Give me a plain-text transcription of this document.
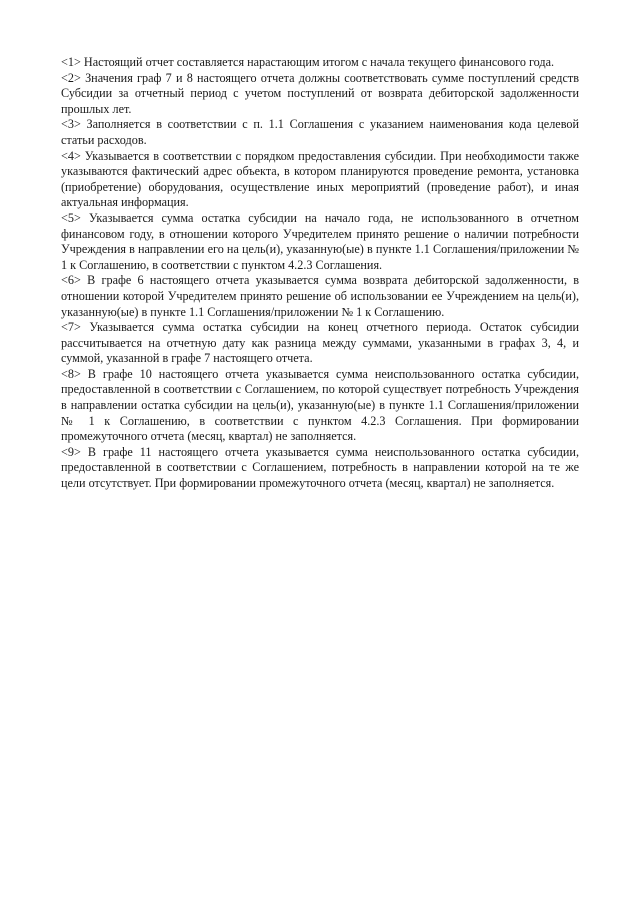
<1> Настоящий отчет составляется нарастающим итогом с начала текущего финансового года.

<2> Значения граф 7 и 8 настоящего отчета должны соответствовать сумме поступлений средств Субсидии за отчетный период с учетом поступлений от возврата дебиторской задолженности прошлых лет.

<3> Заполняется в соответствии с п. 1.1 Соглашения с указанием наименования кода целевой статьи расходов.

<4> Указывается в соответствии с порядком предоставления субсидии. При необходимости также указываются фактический адрес объекта, в котором планируются проведение ремонта, установка (приобретение) оборудования, осуществление иных мероприятий (проведение работ), и иная актуальная информация.

<5> Указывается сумма остатка субсидии на начало года, не использованного в отчетном финансовом году, в отношении которого Учредителем принято решение о наличии потребности Учреждения в направлении его на цель(и), указанную(ые) в пункте 1.1 Соглашения/приложении № 1 к Соглашению, в соответствии с пунктом 4.2.3 Соглашения.

<6> В графе 6 настоящего отчета указывается сумма возврата дебиторской задолженности, в отношении которой Учредителем принято решение об использовании ее Учреждением на цель(и), указанную(ые) в пункте 1.1 Соглашения/приложении № 1 к Соглашению.

<7> Указывается сумма остатка субсидии на конец отчетного периода. Остаток субсидии рассчитывается на отчетную дату как разница между суммами, указанными в графах 3, 4, и суммой, указанной в графе 7 настоящего отчета.

<8> В графе 10 настоящего отчета указывается сумма неиспользованного остатка субсидии, предоставленной в соответствии с Соглашением, по которой существует потребность Учреждения в направлении остатка субсидии на цель(и), указанную(ые) в пункте 1.1 Соглашения/приложении № 1 к Соглашению, в соответствии с пунктом 4.2.3 Соглашения. При формировании промежуточного отчета (месяц, квартал) не заполняется.

<9> В графе 11 настоящего отчета указывается сумма неиспользованного остатка субсидии, предоставленной в соответствии с Соглашением, потребность в направлении которой на те же цели отсутствует. При формировании промежуточного отчета (месяц, квартал) не заполняется.
